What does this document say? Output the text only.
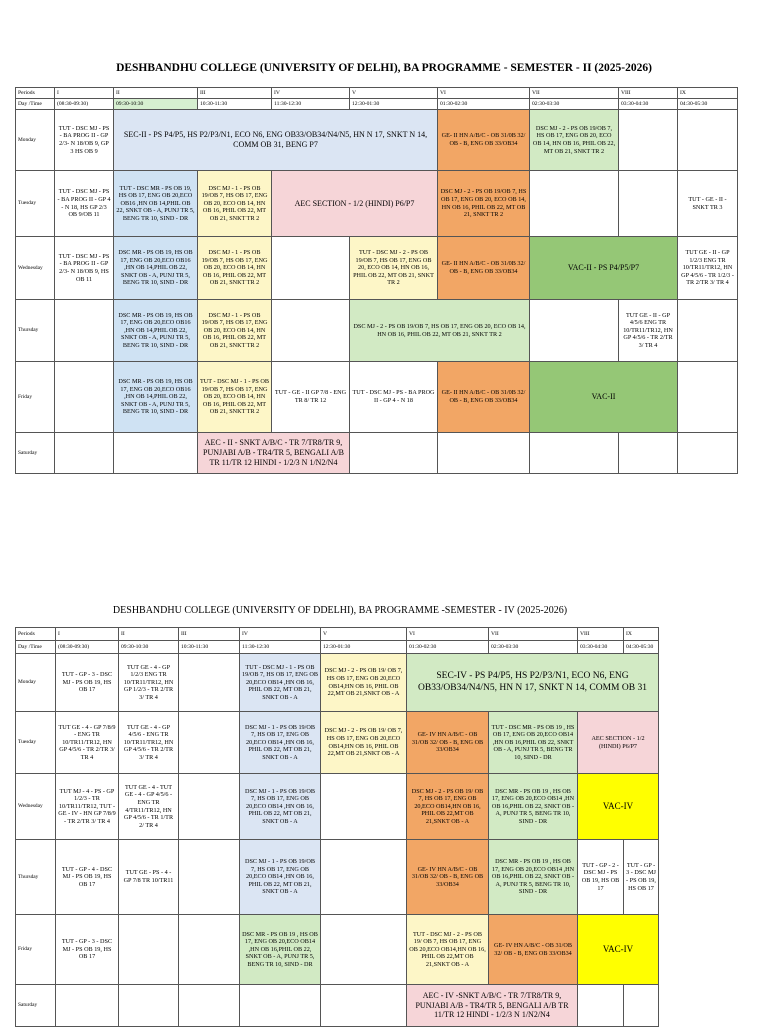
DESHBANDHU COLLEGE (UNIVERSITY OF DELHI), BA PROGRAMME - SEMESTER - II (2025-2026)
Periods	I	II	III	IV	V	VI	VII	VIII	IX
Day /Time	(08:30-09:30)	09:30-10:30	10:30-11:30	11:30-12:30	12:30-01:30	01:30-02:30	02:30-03:30	03:30-04:30	04:30-05:30
Monday	TUT - DSC MJ - PS - BA PROG II - GP 2/3- N 18/OB 9, GP 3 HS OB 9	SEC-II - PS P4/P5, HS P2/P3/N1, ECO N6, ENG OB33/OB34/N4/N5, HN N 17, SNKT N 14, COMM OB 31, BENG P7				GE- II HN A/B/C - OB 31/0B 32/ OB - B, ENG OB 33/OB34	DSC MJ - 2 - PS OB 19/OB 7, HS OB 17, ENG OB 20, ECO OB 14, HN OB 16, PHIL OB 22, MT OB 21, SNKT TR 2		
Tuesday	TUT - DSC MJ - PS - BA PROG II - GP 4 - N 18, HS GP 2/3 OB 9/OB 11	TUT - DSC MR - PS OB 19, HS OB 17, ENG OB 20,ECO OB16 ,HN OB 14,PHIL OB 22, SNKT OB - A, PUNJ TR 5, BENG TR 10, SIND - DR	DSC MJ - 1 - PS OB 19/OB 7, HS OB 17, ENG OB 20, ECO OB 14, HN OB 16, PHIL OB 22, MT OB 21, SNKT TR 2	AEC SECTION - 1/2 (HINDI) P6/P7		DSC MJ - 2 - PS OB 19/OB 7, HS OB 17, ENG OB 20, ECO OB 14, HN OB 16, PHIL OB 22, MT OB 21, SNKT TR 2			TUT - GE - II - SNKT TR 3
Wednesday	TUT - DSC MJ - PS - BA PROG II - GP 2/3- N 18/OB 9, HS OB 11	DSC MR - PS OB 19, HS OB 17, ENG OB 20,ECO OB16 ,HN OB 14,PHIL OB 22, SNKT OB - A, PUNJ TR 5, BENG TR 10, SIND - DR	DSC MJ - 1 - PS OB 19/OB 7, HS OB 17, ENG OB 20, ECO OB 14, HN OB 16, PHIL OB 22, MT OB 21, SNKT TR 2		TUT - DSC MJ - 2 - PS OB 19/OB 7, HS OB 17, ENG OB 20, ECO OB 14, HN OB 16, PHIL OB 22, MT OB 21, SNKT TR 2	GE- II HN A/B/C - OB 31/0B 32/ OB - B, ENG OB 33/OB34	VAC-II - PS P4/P5/P7		TUT GE - II - GP 1/2/3 ENG TR 10/TR11/TR12, HN GP 4/5/6 - TR 1/2/3 - TR 2/TR 3/ TR 4
Thursday		DSC MR - PS OB 19, HS OB 17, ENG OB 20,ECO OB16 ,HN OB 14,PHIL OB 22, SNKT OB - A, PUNJ TR 5, BENG TR 10, SIND - DR	DSC MJ - 1 - PS OB 19/OB 7, HS OB 17, ENG OB 20, ECO OB 14, HN OB 16, PHIL OB 22, MT OB 21, SNKT TR 2		DSC MJ - 2 - PS OB 19/OB 7, HS OB 17, ENG OB 20, ECO OB 14, HN OB 16, PHIL OB 22, MT OB 21, SNKT TR 2			TUT GE - II - GP 4/5/6 ENG TR 10/TR11/TR12, HN GP 4/5/6 - TR 2/TR 3/ TR 4	
Friday		DSC MR - PS OB 19, HS OB 17, ENG OB 20,ECO OB16 ,HN OB 14,PHIL OB 22, SNKT OB - A, PUNJ TR 5, BENG TR 10, SIND - DR	TUT - DSC MJ - 1 - PS OB 19/OB 7, HS OB 17, ENG OB 20, ECO OB 14, HN OB 16, PHIL OB 22, MT OB 21, SNKT TR 2	TUT - GE - II GP 7/8 - ENG TR 8/ TR 12	TUT - DSC MJ - PS - BA PROG II - GP 4 - N 18	GE- II HN A/B/C - OB 31/0B 32/ OB - B, ENG OB 33/OB34	VAC-II		
Saturday			AEC - II - SNKT A/B/C - TR 7/TR8/TR 9, PUNJABI A/B - TR4/TR 5, BENGALI A/B TR 11/TR 12 HINDI - 1/2/3 N 1/N2/N4						
DESHBANDHU COLLEGE (UNIVERSITY OF DDELHI), BA PROGRAMME -SEMESTER - IV (2025-2026)
Periods	I	II	III	IV	V	VI	VII	VIII	IX
Day /Time	(08:30-09:30)	09:30-10:30	10:30-11:30	11:30-12:30	12:30-01:30	01:30-02:30	02:30-03:30	03:30-04:30	04:30-05:30
Monday	TUT - GP - 3 - DSC MJ - PS OB 19, HS OB 17	TUT GE - 4 - GP 1/2/3 ENG TR 10/TR11/TR12, HN GP 1/2/3 - TR 2/TR 3/ TR 4		TUT - DSC MJ - 1 - PS OB 19/OB 7, HS OB 17, ENG OB 20,ECO OB14 ,HN OB 16, PHIL OB 22, MT OB 21, SNKT OB - A	DSC MJ - 2 - PS OB 19/ OB 7, HS OB 17, ENG OB 20,ECO OB14,HN OB 16, PHIL OB 22,MT OB 21,SNKT OB - A	SEC-IV - PS P4/P5, HS P2/P3/N1, ECO N6, ENG OB33/OB34/N4/N5, HN N 17, SNKT N 14, COMM OB 31			
Tuesday	TUT GE - 4 - GP 7/8/9 - ENG TR 10/TR11/TR12, HN GP 4/5/6 - TR 2/TR 3/ TR 4	TUT GE - 4 - GP 4/5/6 - ENG TR 10/TR11/TR12, HN GP 4/5/6 - TR 2/TR 3/ TR 4		DSC MJ - 1 - PS OB 19/OB 7, HS OB 17, ENG OB 20,ECO OB14 ,HN OB 16, PHIL OB 22, MT OB 21, SNKT OB - A	DSC MJ - 2 - PS OB 19/ OB 7, HS OB 17, ENG OB 20,ECO OB14,HN OB 16, PHIL OB 22,MT OB 21,SNKT OB - A	GE- IV HN A/B/C - OB 31/OB 32/ OB - B, ENG OB 33/OB34	TUT - DSC MR - PS OB 19 , HS OB 17, ENG OB 20,ECO OB14 ,HN OB 16,PHIL OB 22, SNKT OB - A, PUNJ TR 5, BENG TR 10, SIND - DR	AEC SECTION - 1/2 (HINDI) P6/P7	
Wednesday	TUT MJ - 4 - PS - GP 1/2/3 - TR 10/TR11/TR12, TUT - GE - IV - HN GP 7/8/9 - TR 2/TR 3/ TR 4	TUT GE - 4 - TUT GE - 4 - GP 4/5/6 - ENG TR 4/TR11/TR12, HN GP 4/5/6 - TR 1/TR 2/ TR 4		DSC MJ - 1 - PS OB 19/OB 7, HS OB 17, ENG OB 20,ECO OB14 ,HN OB 16, PHIL OB 22, MT OB 21, SNKT OB - A		DSC MJ - 2 - PS OB 19/ OB 7, HS OB 17, ENG OB 20,ECO OB14,HN OB 16, PHIL OB 22,MT OB 21,SNKT OB - A	DSC MR - PS OB 19 , HS OB 17, ENG OB 20,ECO OB14 ,HN OB 16,PHIL OB 22, SNKT OB - A, PUNJ TR 5, BENG TR 10, SIND - DR	VAC-IV	
Thursday	TUT - GP - 4 - DSC MJ - PS OB 19, HS OB 17	TUT GE - PS - 4 - GP 7/8 TR 10/TR11		DSC MJ - 1 - PS OB 19/OB 7, HS OB 17, ENG OB 20,ECO OB14 ,HN OB 16, PHIL OB 22, MT OB 21, SNKT OB - A		GE- IV HN A/B/C - OB 31/OB 32/ OB - B, ENG OB 33/OB34	DSC MR - PS OB 19 , HS OB 17, ENG OB 20,ECO OB14 ,HN OB 16,PHIL OB 22, SNKT OB - A, PUNJ TR 5, BENG TR 10, SIND - DR	TUT - GP - 2 - DSC MJ - PS OB 19, HS OB 17	TUT - GP - 3 - DSC MJ - PS OB 19, HS OB 17
Friday	TUT - GP - 3 - DSC MJ - PS OB 19, HS OB 17			DSC MR - PS OB 19 , HS OB 17, ENG OB 20,ECO OB14 ,HN OB 16,PHIL OB 22, SNKT OB - A, PUNJ TR 5, BENG TR 10, SIND - DR		TUT - DSC MJ - 2 - PS OB 19/ OB 7, HS OB 17, ENG OB 20,ECO OB14,HN OB 16, PHIL OB 22,MT OB 21,SNKT OB - A	GE- IV HN A/B/C - OB 31/OB 32/ OB - B, ENG OB 33/OB34	VAC-IV	
Saturday						AEC - IV -SNKT A/B/C - TR 7/TR8/TR 9, PUNJABI A/B - TR4/TR 5, BENGALI A/B TR 11/TR 12 HINDI - 1/2/3 N 1/N2/N4			
